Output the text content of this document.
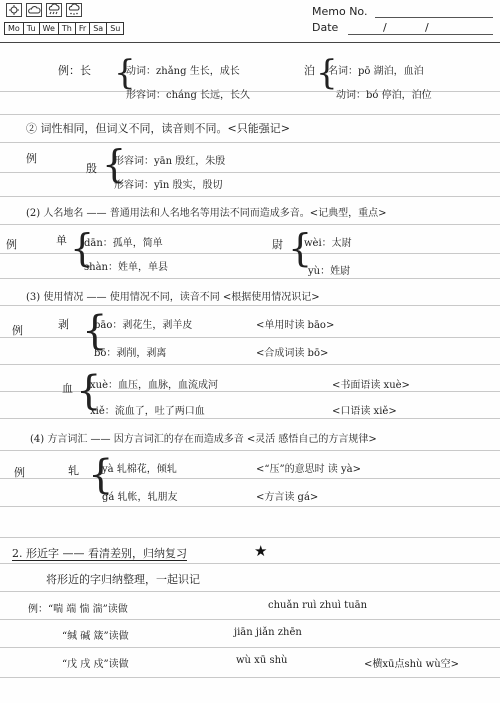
Mo Tu We Th Fr Sa Su
Memo No.
Date	/	/
例：长 {
动词：zhǎng 生长，成长
形容词：cháng 长远，长久
泊 {
名词：pō 湖泊，血泊
动词：bó 停泊，泊位
② 词性相同，但词义不同，读音则不同。<只能强记>
例
殷 {
形容词：yān 殷红，朱殷
形容词：yīn 殷实，殷切
(2) 人名地名 —— 普通用法和人名地名等用法不同而造成多音。<记典型，重点>
例	单 {
dān：孤单，简单
shàn：姓单，单县
尉 {
wèi：太尉
yù：姓尉
(3) 使用情况 —— 使用情况不同，读音不同 <根据使用情况识记>
例	剥 {
bāo：剥花生，剥羊皮	<单用时读 bāo>
bō：剥削，剥离	<合成词读 bō>
血 {
xuè：血压，血脉，血流成河	<书面语读 xuè>
xiě：流血了，吐了两口血	<口语读 xiě>
(4) 方言词汇 —— 因方言词汇的存在而造成多音 <灵活 感悟自己的方言规律>
例	轧 {
yà 轧棉花，倾轧	<“压”的意思时 读 yà>
gá 轧帐，轧朋友	<方言读 gá>
2. 形近字 —— 看清差别，归纳复习	★
将形近的字归纳整理，一起识记
例：“喘 端 惴 湍”读做	chuǎn ruì zhuì tuān
“缄 碱 箴”读做	jiān jiǎn zhēn
“戊 戌 戍”读做	wù xū shù	<横xū点shù wù空>
